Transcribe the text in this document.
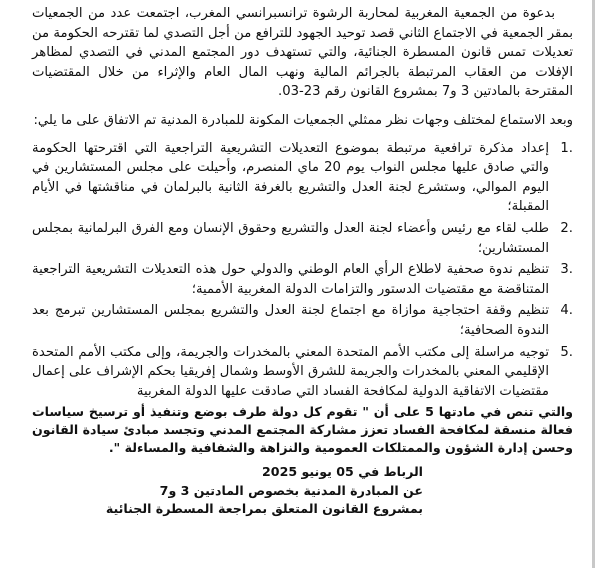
بدعوة من الجمعية المغربية لمحاربة الرشوة ترانسبرانسي المغرب، اجتمعت عدد من الجمعيات بمقر الجمعية في الاجتماع الثاني قصد توحيد الجهود للترافع من أجل التصدي لما تقترحه الحكومة من تعديلات تمس قانون المسطرة الجنائية، والتي تستهدف دور المجتمع المدني في التصدي لمظاهر الإفلات من العقاب المرتبطة بالجرائم المالية ونهب المال العام والإثراء من خلال المقتضيات المقترحة بالمادتين 3 و7 بمشروع القانون رقم 23-03.

وبعد الاستماع لمختلف وجهات نظر ممثلي الجمعيات المكونة للمبادرة المدنية تم الاتفاق على ما يلي:

1.
إعداد مذكرة ترافعية مرتبطة بموضوع التعديلات التشريعية التراجعية التي اقترحتها الحكومة والتي صادق عليها مجلس النواب يوم 20 ماي المنصرم، وأحيلت على مجلس المستشارين في اليوم الموالي، وستشرع لجنة العدل والتشريع بالغرفة الثانية بالبرلمان في مناقشتها في الأيام المقبلة؛
2.
طلب لقاء مع رئيس وأعضاء لجنة العدل والتشريع وحقوق الإنسان ومع الفرق البرلمانية بمجلس المستشارين؛
3.
تنظيم ندوة صحفية لاطلاع الرأي العام الوطني والدولي حول هذه التعديلات التشريعية التراجعية المتناقضة مع مقتضيات الدستور والتزامات الدولة المغربية الأممية؛
4.
تنظيم وقفة احتجاجية موازاة مع اجتماع لجنة العدل والتشريع بمجلس المستشارين تبرمج بعد الندوة الصحافية؛
5.
توجيه مراسلة إلى مكتب الأمم المتحدة المعني بالمخدرات والجريمة، وإلى مكتب الأمم المتحدة الإقليمي المعني بالمخدرات والجريمة للشرق الأوسط وشمال إفريقيا بحكم الإشراف على إعمال مقتضيات الاتفاقية الدولية لمكافحة الفساد التي صادقت عليها الدولة المغربية

والتي تنص في مادتها 5 على أن " تقوم كل دولة طرف بوضع وتنفيذ أو ترسيخ سياسات فعالة منسقة لمكافحة الفساد تعزز مشاركة المجتمع المدني وتجسد مبادئ سيادة القانون وحسن إدارة الشؤون والممتلكات العمومية والنزاهة والشفافية والمساءلة ".

الرباط في 05 يونيو 2025
عن المبادرة المدنية بخصوص المادتين 3 و7
بمشروع القانون المتعلق بمراجعة المسطرة الجنائية
